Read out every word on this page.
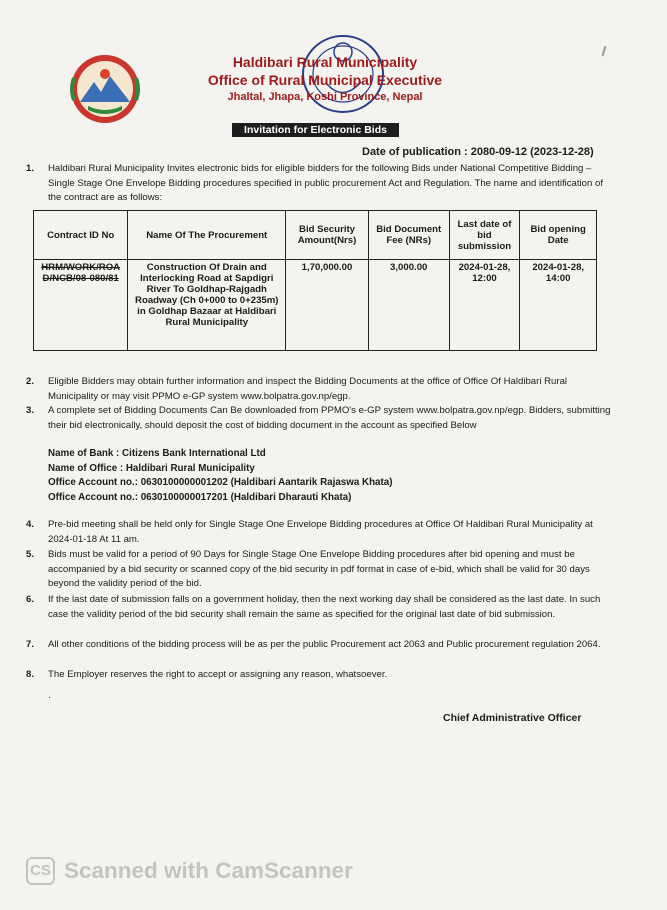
Haldibari Rural Municipality
Office of Rural Municipal Executive
Jhaltal, Jhapa, Koshi Province, Nepal
Invitation for Electronic Bids
Date of publication : 2080-09-12 (2023-12-28)
1.	Haldibari Rural Municipality Invites electronic bids for eligible bidders for the following Bids under National Competitive Bidding – Single Stage One Envelope Bidding procedures specified in public procurement Act and Regulation. The name and identification of the contract are as follows:
Contract ID No	Name Of The Procurement	Bid Security Amount(Nrs)	Bid Document Fee (NRs)	Last date of bid submission	Bid opening Date
HRM/WORK/ROAD/NCB/08-080/81	Construction Of Drain and Interlocking Road at Sapdigri River To Goldhap-Rajgadh Roadway (Ch 0+000 to 0+235m) in Goldhap Bazaar at Haldibari Rural Municipality	1,70,000.00	3,000.00	2024-01-28, 12:00	2024-01-28, 14:00
2.	Eligible Bidders may obtain further information and inspect the Bidding Documents at the office of Office Of Haldibari Rural Municipality or may visit PPMO e-GP system www.bolpatra.gov.np/egp.
3.	A complete set of Bidding Documents Can Be downloaded from PPMO's e-GP system www.bolpatra.gov.np/egp. Bidders, submitting their bid electronically, should deposit the cost of bidding document in the account as specified Below
Name of Bank : Citizens Bank International Ltd
Name of Office : Haldibari Rural Municipality
Office Account no.: 0630100000001202 (Haldibari Aantarik Rajaswa Khata)
Office Account no.: 0630100000017201 (Haldibari Dharauti Khata)
4.	Pre-bid meeting shall be held only for Single Stage One Envelope Bidding procedures at Office Of Haldibari Rural Municipality at 2024-01-18 At 11 am.
5.	Bids must be valid for a period of 90 Days for Single Stage One Envelope Bidding procedures after bid opening and must be accompanied by a bid security or scanned copy of the bid security in pdf format in case of e-bid, which shall be valid for 30 days beyond the validity period of the bid.
6.	If the last date of submission falls on a government holiday, then the next working day shall be considered as the last date. In such case the validity period of the bid security shall remain the same as specified for the original last date of bid submission.
7.	All other conditions of the bidding process will be as per the public Procurement act 2063 and Public procurement regulation 2064.
8.	The Employer reserves the right to accept or assigning any reason, whatsoever.
·
Chief Administrative Officer
CS Scanned with CamScanner
